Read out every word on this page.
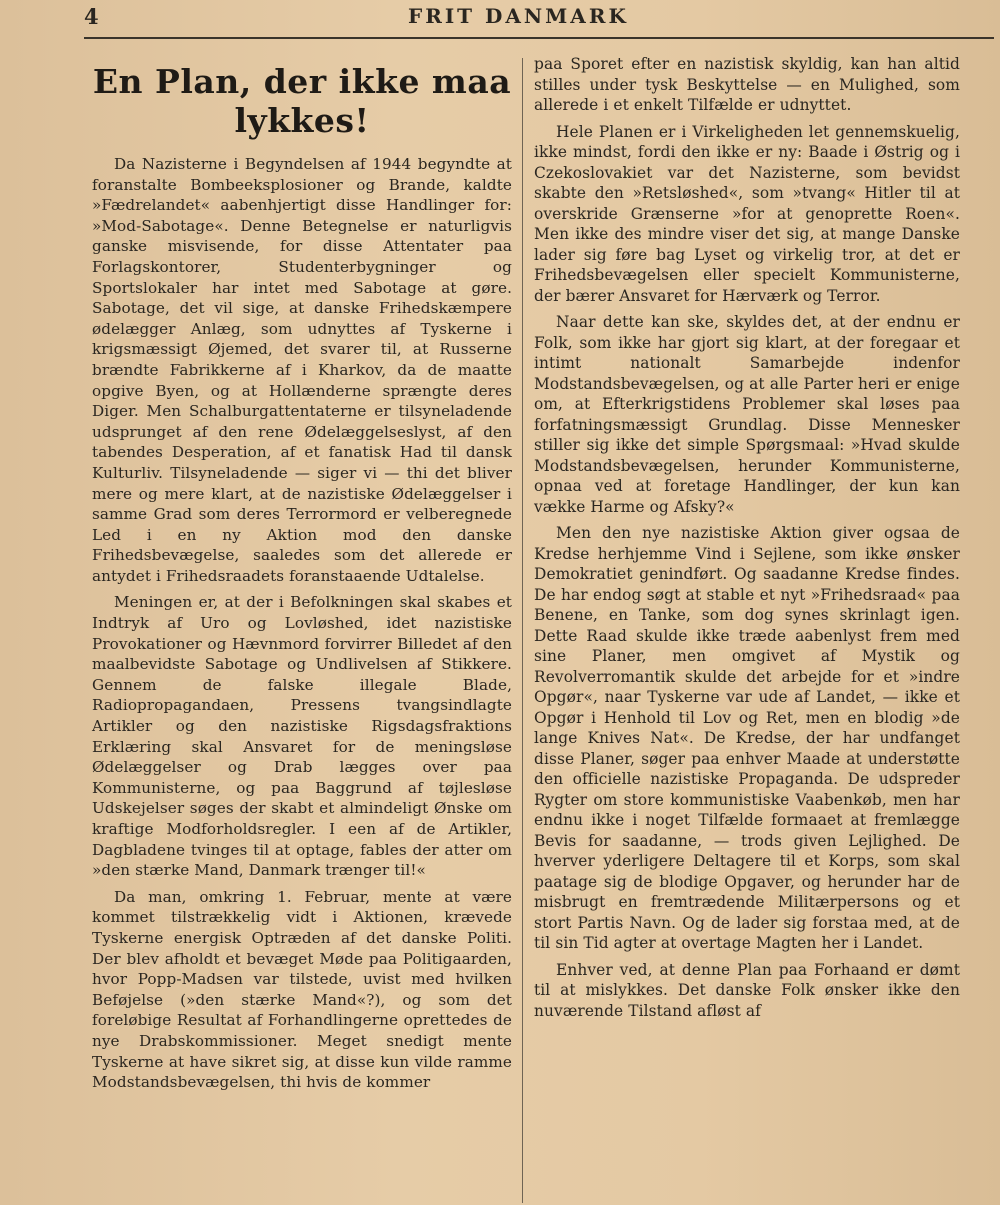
4	FRIT DANMARK
En Plan, der ikke maa lykkes!

Da Nazisterne i Begyndelsen af 1944 begyndte at foranstalte Bombeeksplosioner og Brande, kaldte »Fædrelandet« aabenhjertigt disse Handlinger for: »Mod-Sabotage«. Denne Betegnelse er naturligvis ganske misvisende, for disse Attentater paa Forlagskontorer, Studenterbygninger og Sportslokaler har intet med Sabotage at gøre. Sabotage, det vil sige, at danske Frihedskæmpere ødelægger Anlæg, som udnyttes af Tyskerne i krigsmæssigt Øjemed, det svarer til, at Russerne brændte Fabrikkerne af i Kharkov, da de maatte opgive Byen, og at Hollænderne sprængte deres Diger. Men Schalburgattentaterne er tilsyneladende udsprunget af den rene Ødelæggelseslyst, af den tabendes Desperation, af et fanatisk Had til dansk Kulturliv. Tilsyneladende — siger vi — thi det bliver mere og mere klart, at de nazistiske Ødelæggelser i samme Grad som deres Terrormord er velberegnede Led i en ny Aktion mod den danske Frihedsbevægelse, saaledes som det allerede er antydet i Frihedsraadets foranstaaende Udtalelse.

Meningen er, at der i Befolkningen skal skabes et Indtryk af Uro og Lovløshed, idet nazistiske Provokationer og Hævnmord forvirrer Billedet af den maalbevidste Sabotage og Undlivelsen af Stikkere. Gennem de falske illegale Blade, Radiopropagandaen, Pressens tvangsindlagte Artikler og den nazistiske Rigsdagsfraktions Erklæring skal Ansvaret for de meningsløse Ødelæggelser og Drab lægges over paa Kommunisterne, og paa Baggrund af tøjlesløse Udskejelser søges der skabt et almindeligt Ønske om kraftige Modforholdsregler. I een af de Artikler, Dagbladene tvinges til at optage, fables der atter om »den stærke Mand, Danmark trænger til!«

Da man, omkring 1. Februar, mente at være kommet tilstrækkelig vidt i Aktionen, krævede Tyskerne energisk Optræden af det danske Politi. Der blev afholdt et bevæget Møde paa Politigaarden, hvor Popp-Madsen var tilstede, uvist med hvilken Beføjelse (»den stærke Mand«?), og som det foreløbige Resultat af Forhandlingerne oprettedes de nye Drabskommissioner. Meget snedigt mente Tyskerne at have sikret sig, at disse kun vilde ramme Modstandsbevægelsen, thi hvis de kommer

paa Sporet efter en nazistisk skyldig, kan han altid stilles under tysk Beskyttelse — en Mulighed, som allerede i et enkelt Tilfælde er udnyttet.

Hele Planen er i Virkeligheden let gennemskuelig, ikke mindst, fordi den ikke er ny: Baade i Østrig og i Czekoslovakiet var det Nazisterne, som bevidst skabte den »Retsløshed«, som »tvang« Hitler til at overskride Grænserne »for at genoprette Roen«. Men ikke des mindre viser det sig, at mange Danske lader sig føre bag Lyset og virkelig tror, at det er Frihedsbevægelsen eller specielt Kommunisterne, der bærer Ansvaret for Hærværk og Terror.

Naar dette kan ske, skyldes det, at der endnu er Folk, som ikke har gjort sig klart, at der foregaar et intimt nationalt Samarbejde indenfor Modstandsbevægelsen, og at alle Parter heri er enige om, at Efterkrigstidens Problemer skal løses paa forfatningsmæssigt Grundlag. Disse Mennesker stiller sig ikke det simple Spørgsmaal: »Hvad skulde Modstandsbevægelsen, herunder Kommunisterne, opnaa ved at foretage Handlinger, der kun kan vække Harme og Afsky?«

Men den nye nazistiske Aktion giver ogsaa de Kredse herhjemme Vind i Sejlene, som ikke ønsker Demokratiet genindført. Og saadanne Kredse findes. De har endog søgt at stable et nyt »Frihedsraad« paa Benene, en Tanke, som dog synes skrinlagt igen. Dette Raad skulde ikke træde aabenlyst frem med sine Planer, men omgivet af Mystik og Revolverromantik skulde det arbejde for et »indre Opgør«, naar Tyskerne var ude af Landet, — ikke et Opgør i Henhold til Lov og Ret, men en blodig »de lange Knives Nat«. De Kredse, der har undfanget disse Planer, søger paa enhver Maade at understøtte den officielle nazistiske Propaganda. De udspreder Rygter om store kommunistiske Vaabenkøb, men har endnu ikke i noget Tilfælde formaaet at fremlægge Bevis for saadanne, — trods given Lejlighed. De hverver yderligere Deltagere til et Korps, som skal paatage sig de blodige Opgaver, og herunder har de misbrugt en fremtrædende Militærpersons og et stort Partis Navn. Og de lader sig forstaa med, at de til sin Tid agter at overtage Magten her i Landet.

Enhver ved, at denne Plan paa Forhaand er dømt til at mislykkes. Det danske Folk ønsker ikke den nuværende Tilstand afløst af
